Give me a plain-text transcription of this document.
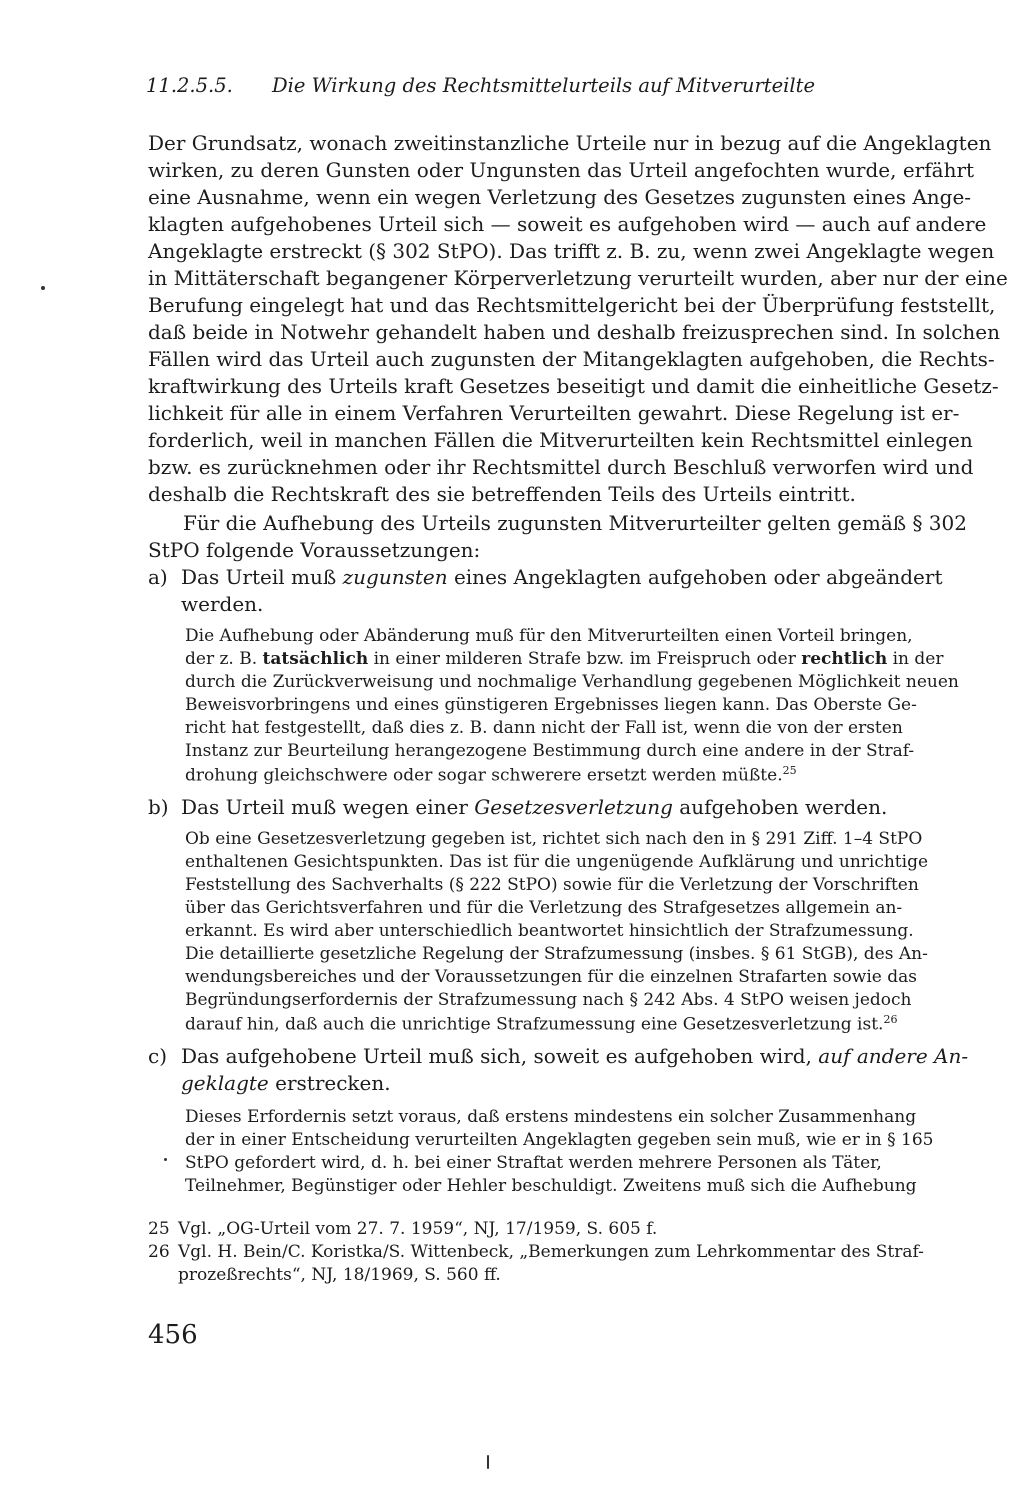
11.2.5.5. Die Wirkung des Rechtsmittelurteils auf Mitverurteilte
Der Grundsatz, wonach zweitinstanzliche Urteile nur in bezug auf die Angeklagten
wirken, zu deren Gunsten oder Ungunsten das Urteil angefochten wurde, erfährt
eine Ausnahme, wenn ein wegen Verletzung des Gesetzes zugunsten eines Ange-
klagten aufgehobenes Urteil sich — soweit es aufgehoben wird — auch auf andere
Angeklagte erstreckt (§ 302 StPO). Das trifft z. B. zu, wenn zwei Angeklagte wegen
in Mittäterschaft begangener Körperverletzung verurteilt wurden, aber nur der eine
Berufung eingelegt hat und das Rechtsmittelgericht bei der Überprüfung feststellt,
daß beide in Notwehr gehandelt haben und deshalb freizusprechen sind. In solchen
Fällen wird das Urteil auch zugunsten der Mitangeklagten aufgehoben, die Rechts-
kraftwirkung des Urteils kraft Gesetzes beseitigt und damit die einheitliche Gesetz-
lichkeit für alle in einem Verfahren Verurteilten gewahrt. Diese Regelung ist er-
forderlich, weil in manchen Fällen die Mitverurteilten kein Rechtsmittel einlegen
bzw. es zurücknehmen oder ihr Rechtsmittel durch Beschluß verworfen wird und
deshalb die Rechtskraft des sie betreffenden Teils des Urteils eintritt.
Für die Aufhebung des Urteils zugunsten Mitverurteilter gelten gemäß § 302
StPO folgende Voraussetzungen:
a) Das Urteil muß zugunsten eines Angeklagten aufgehoben oder abgeändert
werden.
Die Aufhebung oder Abänderung muß für den Mitverurteilten einen Vorteil bringen,
der z. B. tatsächlich in einer milderen Strafe bzw. im Freispruch oder rechtlich in der
durch die Zurückverweisung und nochmalige Verhandlung gegebenen Möglichkeit neuen
Beweisvorbringens und eines günstigeren Ergebnisses liegen kann. Das Oberste Ge-
richt hat festgestellt, daß dies z. B. dann nicht der Fall ist, wenn die von der ersten
Instanz zur Beurteilung herangezogene Bestimmung durch eine andere in der Straf-
drohung gleichschwere oder sogar schwerere ersetzt werden müßte.$^{25}$
b) Das Urteil muß wegen einer Gesetzesverletzung aufgehoben werden.
Ob eine Gesetzesverletzung gegeben ist, richtet sich nach den in § 291 Ziff. 1–4 StPO
enthaltenen Gesichtspunkten. Das ist für die ungenügende Aufklärung und unrichtige
Feststellung des Sachverhalts (§ 222 StPO) sowie für die Verletzung der Vorschriften
über das Gerichtsverfahren und für die Verletzung des Strafgesetzes allgemein an-
erkannt. Es wird aber unterschiedlich beantwortet hinsichtlich der Strafzumessung.
Die detaillierte gesetzliche Regelung der Strafzumessung (insbes. § 61 StGB), des An-
wendungsbereiches und der Voraussetzungen für die einzelnen Strafarten sowie das
Begründungserfordernis der Strafzumessung nach § 242 Abs. 4 StPO weisen jedoch
darauf hin, daß auch die unrichtige Strafzumessung eine Gesetzesverletzung ist.$^{26}$
c) Das aufgehobene Urteil muß sich, soweit es aufgehoben wird, auf andere An-
geklagte erstrecken.
Dieses Erfordernis setzt voraus, daß erstens mindestens ein solcher Zusammenhang
der in einer Entscheidung verurteilten Angeklagten gegeben sein muß, wie er in § 165
StPO gefordert wird, d. h. bei einer Straftat werden mehrere Personen als Täter,
Teilnehmer, Begünstiger oder Hehler beschuldigt. Zweitens muß sich die Aufhebung
25 Vgl. „OG-Urteil vom 27. 7. 1959“, NJ, 17/1959, S. 605 f.
26 Vgl. H. Bein/C. Koristka/S. Wittenbeck, „Bemerkungen zum Lehrkommentar des Straf-
prozeßrechts“, NJ, 18/1969, S. 560 ff.
456
